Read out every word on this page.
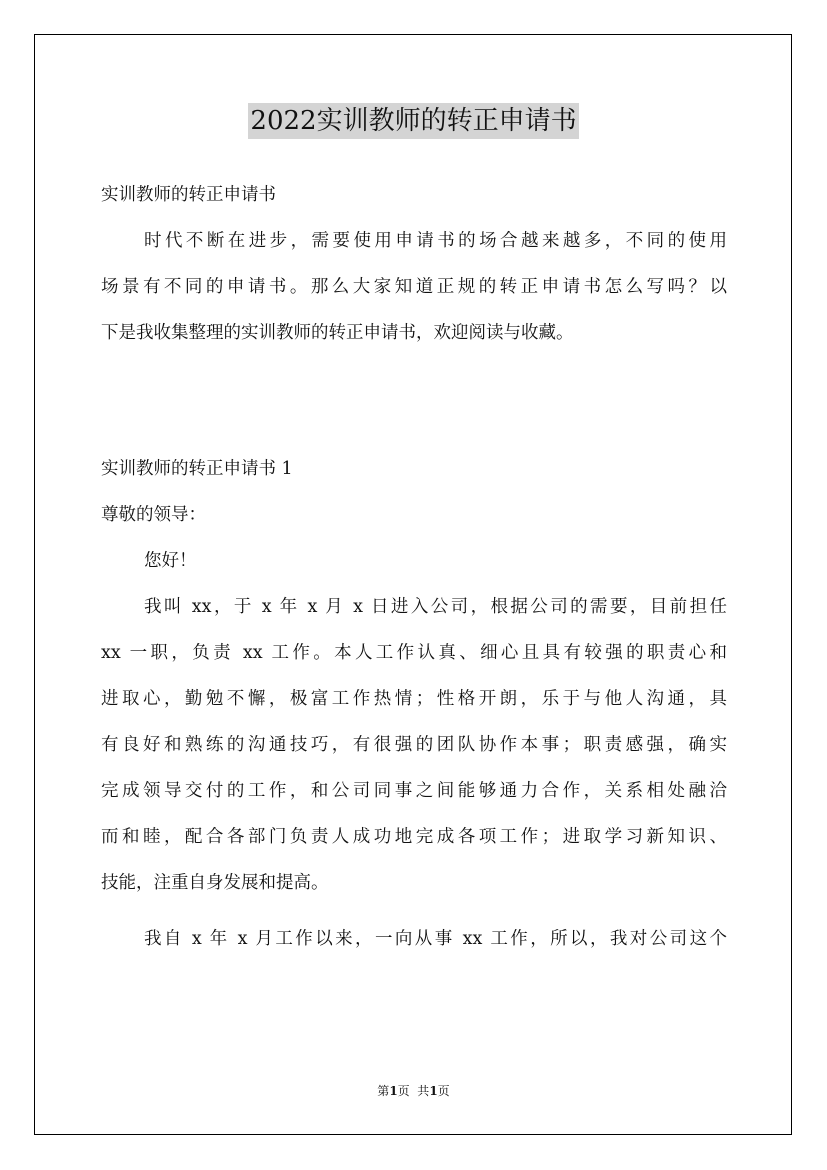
2022实训教师的转正申请书
实训教师的转正申请书
时代不断在进步，需要使用申请书的场合越来越多，不同的使用
场景有不同的申请书。那么大家知道正规的转正申请书怎么写吗？以
下是我收集整理的实训教师的转正申请书，欢迎阅读与收藏。
实训教师的转正申请书 1
尊敬的领导：
您好！
我叫 xx，于 x 年 x 月 x 日进入公司，根据公司的需要，目前担任
xx 一职，负责 xx 工作。本人工作认真、细心且具有较强的职责心和
进取心，勤勉不懈，极富工作热情；性格开朗，乐于与他人沟通，具
有良好和熟练的沟通技巧，有很强的团队协作本事；职责感强，确实
完成领导交付的工作，和公司同事之间能够通力合作，关系相处融洽
而和睦，配合各部门负责人成功地完成各项工作；进取学习新知识、
技能，注重自身发展和提高。
我自 x 年 x 月工作以来，一向从事 xx 工作，所以，我对公司这个
第1页  共1页
